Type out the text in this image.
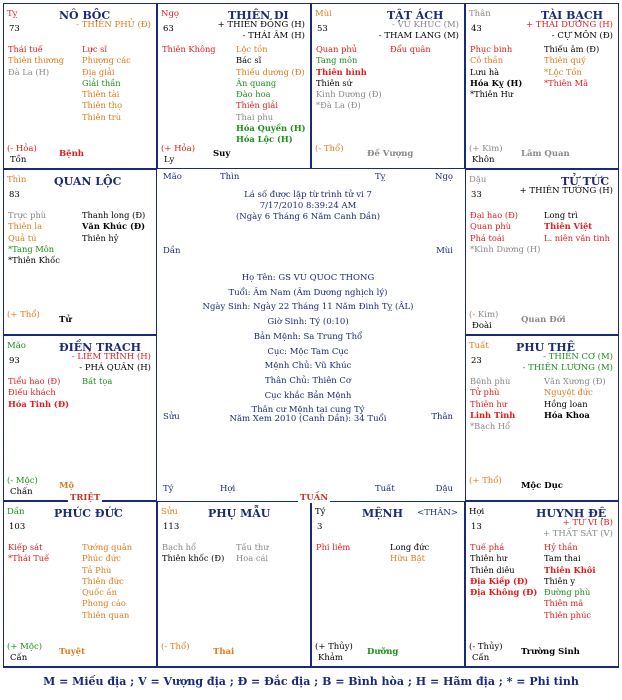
Tỵ
73
NÔ BỘC
- THIÊN PHỦ (Đ)
Thái tuế
Thiên thương
Đà La (H)
Lực sĩ
Phượng các
Địa giải
Giải thần
Thiên tài
Thiên thọ
Thiên trù
(- Hỏa)
Tồn
Bệnh
Ngọ
63
THIÊN DI
+ THIÊN ĐỒNG (H)
- THÁI ÂM (H)
Thiên Không Lộc tồn
Bác sĩ
Thiếu dương (Đ)
Ân quang
Đào hoa
Thiên giải
Thai phụ
Hóa Quyền (H)
Hóa Lộc (H)
(+ Hỏa)
Ly
Suy
Mùi
53
TẬT ÁCH
- VŨ KHÚC (M)
- THAM LANG (M)
Quan phủ
Tang môn
Thiên hình
Thiên sứ
Kình Dương (Đ)
*Đà La (Đ)
Đẩu quân
(- Thổ)	Đế Vượng
Thân
43
TÀI BẠCH
+ THÁI DƯƠNG (H)
- CỰ MÔN (Đ)
Phục binh
Cô thần
Lưu hà
Hóa Kỵ (H)
*Thiên Hư
Thiếu âm (Đ)
Thiên quý
*Lộc Tồn
*Thiên Mã
(+ Kim)
Khôn
Lâm Quan
Thìn
83
QUAN LỘC
Trực phù
Thiên la
Quả tú
*Tang Môn
*Thiên Khốc
Thanh long (Đ)
Văn Khúc (Đ)
Thiên hỷ
(+ Thổ) Tử
Dậu
33
TỬ TỨC
+ THIÊN TƯỚNG (H)
Đại hao (Đ)
Quan phù
Phá toái
*Kình Dương (H)
Long trì
Thiên Việt
L. niên văn tinh
(- Kim)
Đoài
Quan Đới
Mão
93
ĐIỀN TRẠCH
- LIÊM TRINH (H)
- PHÁ QUÂN (H)
Tiểu hao (Đ)
Điếu khách
Hóa Tinh (Đ)
Bát tọa
(- Mộc)
Chấn
Mộ
Tuất
23
PHU THÊ
- THIÊN CƠ (M)
- THIÊN LƯƠNG (M)
Bệnh phù
Tử phù
Thiên hư
Linh Tinh
*Bạch Hổ
Văn Xương (Đ)
Nguyệt đức
Hồng loan
Hóa Khoa
(+ Thổ) Mộc Dục
Dần
103
PHÚC ĐỨC
Kiếp sát
*Thái Tuế
Tướng quân
Phúc đức
Tả Phù
Thiên đức
Quốc ấn
Phong cáo
Thiên quan
(+ Mộc)
Cấn
Tuyệt
Sửu
113
PHỤ MẪU
Bạch hổ
Thiên khốc (Đ)
Tấu thư
Hoa cái
(- Thổ)	Thai
Tý
3
MỆNH
Phi liêm	Long đức
Hữu Bật
(+ Thủy)
Khảm
Dưỡng
<THÂN> Hợi
13
HUYNH ĐỆ
+ TỬ VI (B)
+ THẤT SÁT (V)
Tuế phá
Thiên hư
Thiên diêu
Địa Kiếp (Đ)
Địa Không (Đ)
Hỷ thần
Tam thai
Thiên Khôi
Thiên y
Đường phù
Thiên mã
Thiên phúc
(- Thủy)
Cấn
Trường Sinh
Mão	Thìn	Tỵ	Ngọ
Dần	Mùi
Sửu	Thân
Tý	Hợi	Tuất	Dậu
Lá số được lập từ trình tử vi 7
7/17/2010 8:39:24 AM
(Ngày 6 Tháng 6 Năm Canh Dần)
Họ Tên: GS VU QUOC THONG
Tuổi: Âm Nam (Âm Dương nghịch lý)
Ngày Sinh: Ngày 22 Tháng 11 Năm Đinh Tỵ (ÂL)
Giờ Sinh: Tý (0:10)
Bản Mệnh: Sa Trung Thổ
Cục: Mộc Tam Cục
Mệnh Chủ: Vũ Khúc
Thân Chủ: Thiên Cơ
Cục khắc Bản Mệnh
Thân cư Mệnh tại cung Tý
Năm Xem 2010 (Canh Dần): 34 Tuổi
TRIỆT	TUẦN
M = Miếu địa ; V = Vượng địa ; Đ = Đắc địa ; B = Bình hòa ; H = Hãm địa ; * = Phi tinh
